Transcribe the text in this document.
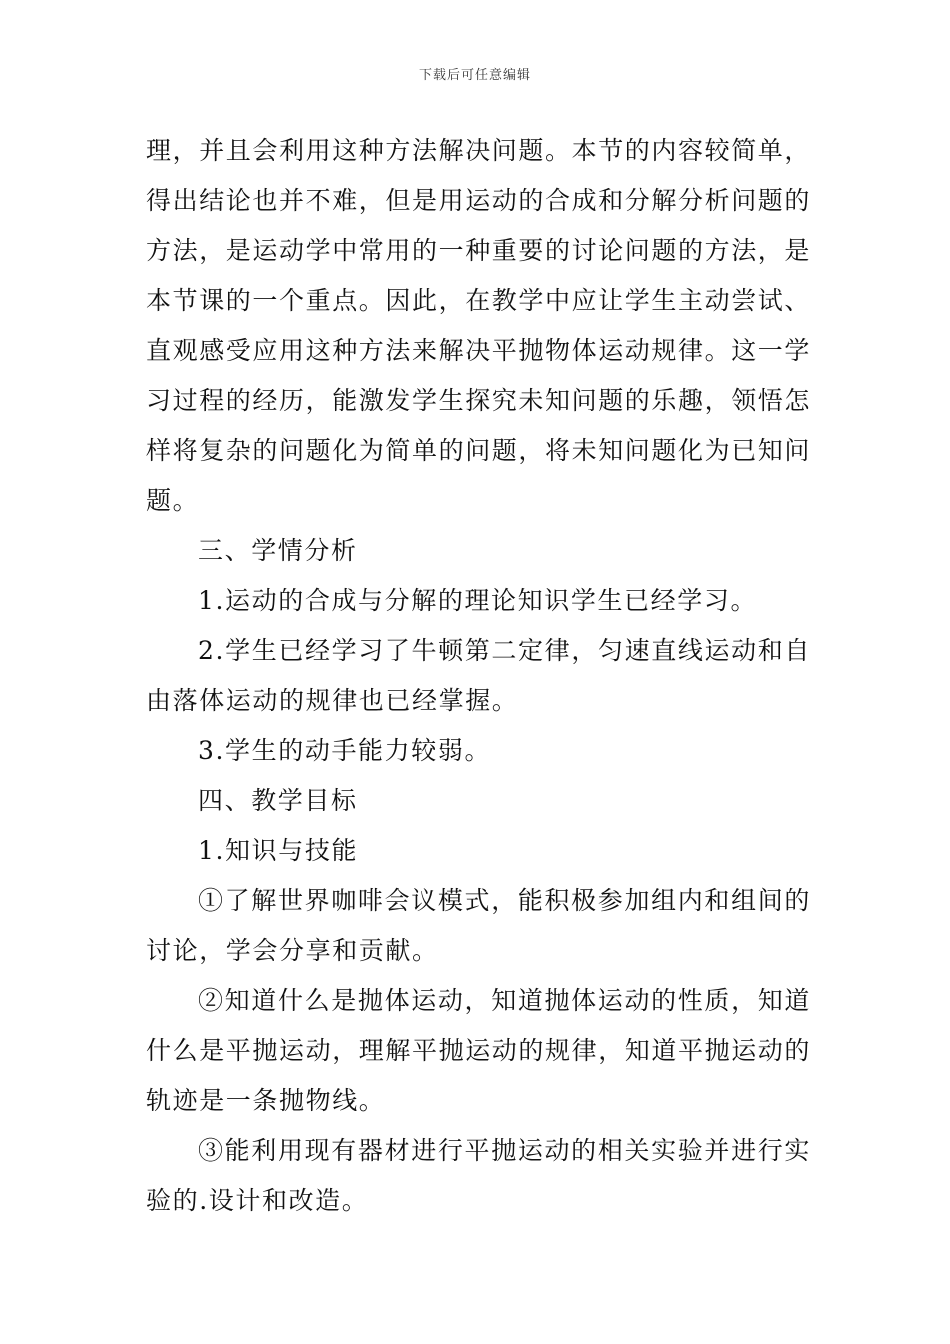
下载后可任意编辑

理，并且会利用这种方法解决问题。本节的内容较简单，得出结论也并不难，但是用运动的合成和分解分析问题的方法，是运动学中常用的一种重要的讨论问题的方法，是本节课的一个重点。因此，在教学中应让学生主动尝试、直观感受应用这种方法来解决平抛物体运动规律。这一学习过程的经历，能激发学生探究未知问题的乐趣，领悟怎样将复杂的问题化为简单的问题，将未知问题化为已知问题。

三、学情分析

1.运动的合成与分解的理论知识学生已经学习。

2.学生已经学习了牛顿第二定律，匀速直线运动和自由落体运动的规律也已经掌握。

3.学生的动手能力较弱。

四、教学目标

1.知识与技能

①了解世界咖啡会议模式，能积极参加组内和组间的讨论，学会分享和贡献。

②知道什么是抛体运动，知道抛体运动的性质，知道什么是平抛运动，理解平抛运动的规律，知道平抛运动的轨迹是一条抛物线。

③能利用现有器材进行平抛运动的相关实验并进行实验的.设计和改造。
